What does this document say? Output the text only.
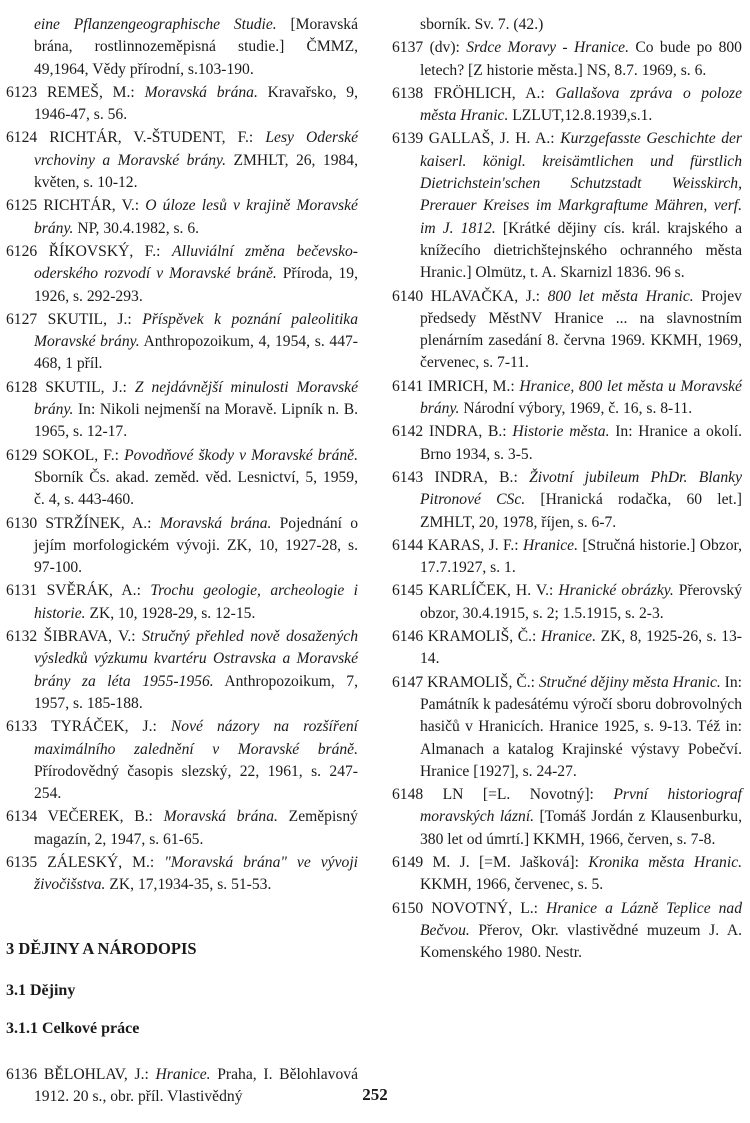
eine Pflanzengeographische Studie. [Moravská brána, rostlinnozeměpisná studie.] ČMMZ, 49,1964, Vědy přírodní, s.103-190.

6123 REMEŠ, M.: Moravská brána. Kravařsko, 9, 1946-47, s. 56.

6124 RICHTÁR, V.-ŠTUDENT, F.: Lesy Oderské vrchoviny a Moravské brány. ZMHLT, 26, 1984, květen, s. 10-12.

6125 RICHTÁR, V.: O úloze lesů v krajině Moravské brány. NP, 30.4.1982, s. 6.

6126 ŘÍKOVSKÝ, F.: Alluviální změna bečevsko-oderského rozvodí v Moravské bráně. Příroda, 19, 1926, s. 292-293.

6127 SKUTIL, J.: Příspěvek k poznání paleolitika Moravské brány. Anthropozoikum, 4, 1954, s. 447-468, 1 příl.

6128 SKUTIL, J.: Z nejdávnější minulosti Moravské brány. In: Nikoli nejmenší na Moravě. Lipník n. B. 1965, s. 12-17.

6129 SOKOL, F.: Povodňové škody v Moravské bráně. Sborník Čs. akad. zeměd. věd. Lesnictví, 5, 1959, č. 4, s. 443-460.

6130 STRŽÍNEK, A.: Moravská brána. Pojednání o jejím morfologickém vývoji. ZK, 10, 1927-28, s. 97-100.

6131 SVĚRÁK, A.: Trochu geologie, archeologie i historie. ZK, 10, 1928-29, s. 12-15.

6132 ŠIBRAVA, V.: Stručný přehled nově dosažených výsledků výzkumu kvartéru Ostravska a Moravské brány za léta 1955-1956. Anthropozoikum, 7, 1957, s. 185-188.

6133 TYRÁČEK, J.: Nové názory na rozšíření maximálního zalednění v Moravské bráně. Přírodovědný časopis slezský, 22, 1961, s. 247-254.

6134 VEČEREK, B.: Moravská brána. Zeměpisný magazín, 2, 1947, s. 61-65.

6135 ZÁLESKÝ, M.: "Moravská brána" ve vývoji živočišstva. ZK, 17,1934-35, s. 51-53.

3 DĚJINY A NÁRODOPIS
3.1 Dějiny
3.1.1 Celkové práce

6136 BĚLOHLAV, J.: Hranice. Praha, I. Bělohlavová 1912. 20 s., obr. příl. Vlastivědný

sborník. Sv. 7. (42.)

6137 (dv): Srdce Moravy - Hranice. Co bude po 800 letech? [Z historie města.] NS, 8.7. 1969, s. 6.

6138 FRÖHLICH, A.: Gallašova zpráva o poloze města Hranic. LZLUT,12.8.1939,s.1.

6139 GALLAŠ, J. H. A.: Kurzgefasste Geschichte der kaiserl. königl. kreisämtlichen und fürstlich Dietrichstein'schen Schutzstadt Weisskirch, Prerauer Kreises im Markgraftume Mähren, verf. im J. 1812. [Krátké dějiny cís. král. krajského a knížecího dietrichštejnského ochranného města Hranic.] Olmütz, t. A. Skarnizl 1836. 96 s.

6140 HLAVAČKA, J.: 800 let města Hranic. Projev předsedy MěstNV Hranice ... na slavnostním plenárním zasedání 8. června 1969. KKMH, 1969, červenec, s. 7-11.

6141 IMRICH, M.: Hranice, 800 let města u Moravské brány. Národní výbory, 1969, č. 16, s. 8-11.

6142 INDRA, B.: Historie města. In: Hranice a okolí. Brno 1934, s. 3-5.

6143 INDRA, B.: Životní jubileum PhDr. Blanky Pitronové CSc. [Hranická rodačka, 60 let.] ZMHLT, 20, 1978, říjen, s. 6-7.

6144 KARAS, J. F.: Hranice. [Stručná historie.] Obzor, 17.7.1927, s. 1.

6145 KARLÍČEK, H. V.: Hranické obrázky. Přerovský obzor, 30.4.1915, s. 2; 1.5.1915, s. 2-3.

6146 KRAMOLIŠ, Č.: Hranice. ZK, 8, 1925-26, s. 13-14.

6147 KRAMOLIŠ, Č.: Stručné dějiny města Hranic. In: Památník k padesátému výročí sboru dobrovolných hasičů v Hranicích. Hranice 1925, s. 9-13. Též in: Almanach a katalog Krajinské výstavy Pobečví. Hranice [1927], s. 24-27.

6148 LN [=L. Novotný]: První historiograf moravských lázní. [Tomáš Jordán z Klausenburku, 380 let od úmrtí.] KKMH, 1966, červen, s. 7-8.

6149 M. J. [=M. Jašková]: Kronika města Hranic. KKMH, 1966, červenec, s. 5.

6150 NOVOTNÝ, L.: Hranice a Lázně Teplice nad Bečvou. Přerov, Okr. vlastivědné muzeum J. A. Komenského 1980. Nestr.

252
